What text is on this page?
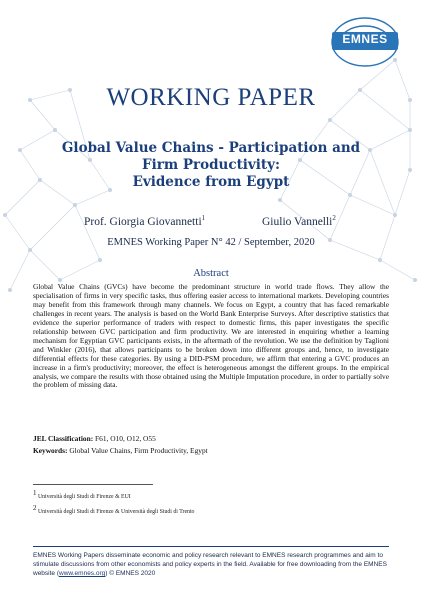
EMNES
WORKING PAPER
Global Value Chains - Participation and
Firm Productivity:
Evidence from Egypt
Prof. Giorgia Giovannetti$^1$	Giulio Vannelli$^2$
EMNES Working Paper N° 42 / September, 2020
Abstract

Global Value Chains (GVCs) have become the predominant structure in world trade flows. They allow the specialisation of firms in very specific tasks, thus offering easier access to international markets. Developing countries may benefit from this framework through many channels. We focus on Egypt, a country that has faced remarkable challenges in recent years. The analysis is based on the World Bank Enterprise Surveys. After descriptive statistics that evidence the superior performance of traders with respect to domestic firms, this paper investigates the specific relationship between GVC participation and firm productivity. We are interested in enquiring whether a learning mechanism for Egyptian GVC participants exists, in the aftermath of the revolution. We use the definition by Taglioni and Winkler (2016), that allows participants to be broken down into different groups and, hence, to investigate differential effects for these categories. By using a DID-PSM procedure, we affirm that entering a GVC produces an increase in a firm's productivity; moreover, the effect is heterogeneous amongst the different groups. In the empirical analysis, we compare the results with those obtained using the Multiple Imputation procedure, in order to partially solve the problem of missing data.

JEL Classification: F61, O10, O12, O55
Keywords: Global Value Chains, Firm Productivity, Egypt
$^1$ Università degli Studi di Firenze & EUI
$^2$ Università degli Studi di Firenze & Università degli Studi di Trento

EMNES Working Papers disseminate economic and policy research relevant to EMNES research programmes and aim to stimulate discussions from other economists and policy experts in the field. Available for free downloading from the EMNES website (www.emnes.org) © EMNES 2020
